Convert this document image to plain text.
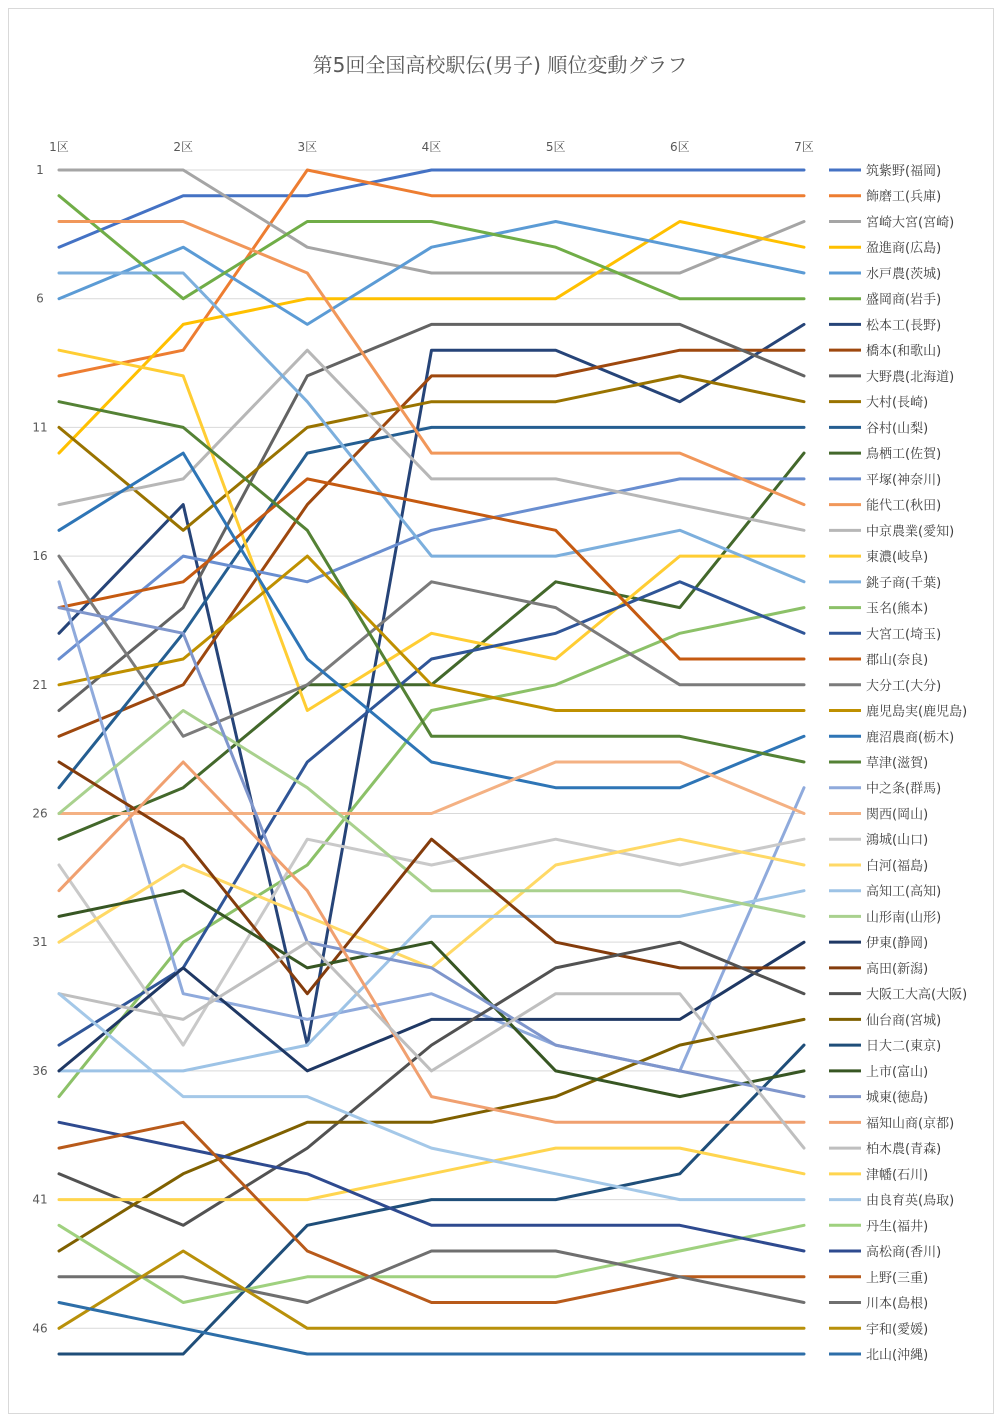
第5回全国高校駅伝(男子) 順位変動グラフ
1区	2区	3区	4区	5区	6区	7区
1
6
11
16
21
26
31
36
41
46
筑紫野(福岡)
飾磨工(兵庫)
宮崎大宮(宮崎)
盈進商(広島)
水戸農(茨城)
盛岡商(岩手)
松本工(長野)
橋本(和歌山)
大野農(北海道)
大村(長崎)
谷村(山梨)
鳥栖工(佐賀)
平塚(神奈川)
能代工(秋田)
中京農業(愛知)
東濃(岐阜)
銚子商(千葉)
玉名(熊本)
大宮工(埼玉)
郡山(奈良)
大分工(大分)
鹿児島実(鹿児島)
鹿沼農商(栃木)
草津(滋賀)
中之条(群馬)
関西(岡山)
鴻城(山口)
白河(福島)
高知工(高知)
山形南(山形)
伊東(静岡)
高田(新潟)
大阪工大高(大阪)
仙台商(宮城)
日大二(東京)
上市(富山)
城東(徳島)
福知山商(京都)
柏木農(青森)
津幡(石川)
由良育英(鳥取)
丹生(福井)
高松商(香川)
上野(三重)
川本(島根)
宇和(愛媛)
北山(沖縄)
